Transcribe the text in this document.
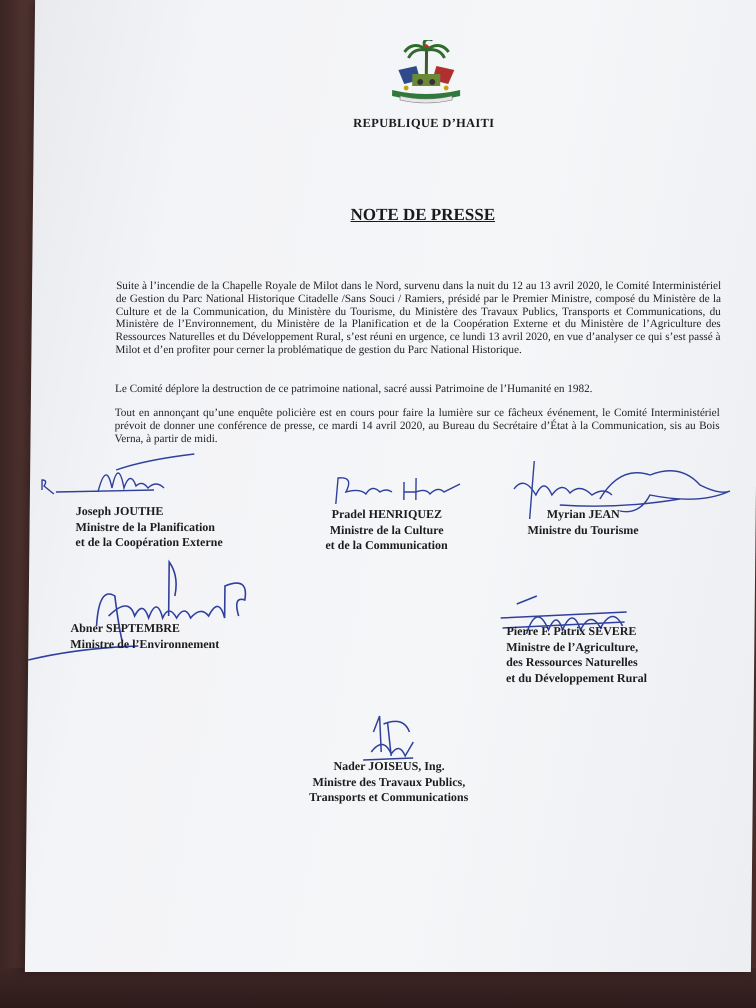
REPUBLIQUE D’HAITI
NOTE DE PRESSE
Suite à l’incendie de la Chapelle Royale de Milot dans le Nord, survenu dans la nuit du 12 au 13 avril 2020, le Comité Interministériel de Gestion du Parc National Historique Citadelle /Sans Souci / Ramiers, présidé par le Premier Ministre, composé du Ministère de la Culture et de la Communication, du Ministère du Tourisme, du Ministère des Travaux Publics, Transports et Communications, du Ministère de l’Environnement, du Ministère de la Planification et de la Coopération Externe et du Ministère de l’Agriculture des Ressources Naturelles et du Développement Rural, s’est réuni en urgence, ce lundi 13 avril 2020, en vue d’analyser ce qui s’est passé à Milot et d’en profiter pour cerner la problématique de gestion du Parc National Historique.
Le Comité déplore la destruction de ce patrimoine national, sacré aussi Patrimoine de l’Humanité en 1982.
Tout en annonçant qu’une enquête policière est en cours pour faire la lumière sur ce fâcheux événement, le Comité Interministériel prévoit de donner une conférence de presse, ce mardi 14 avril 2020, au Bureau du Secrétaire d’État à la Communication, sis au Bois Verna, à partir de midi.
Joseph JOUTHE
Ministre de la Planification
et de la Coopération Externe
Pradel HENRIQUEZ
Ministre de la Culture
et de la Communication
Myrian JEAN
Ministre du Tourisme
Abner SEPTEMBRE
Ministre de l’Environnement
Pierre F. Patrix SEVERE
Ministre de l’Agriculture,
des Ressources Naturelles
et du Développement Rural
Nader JOISEUS, Ing.
Ministre des Travaux Publics,
Transports et Communications
